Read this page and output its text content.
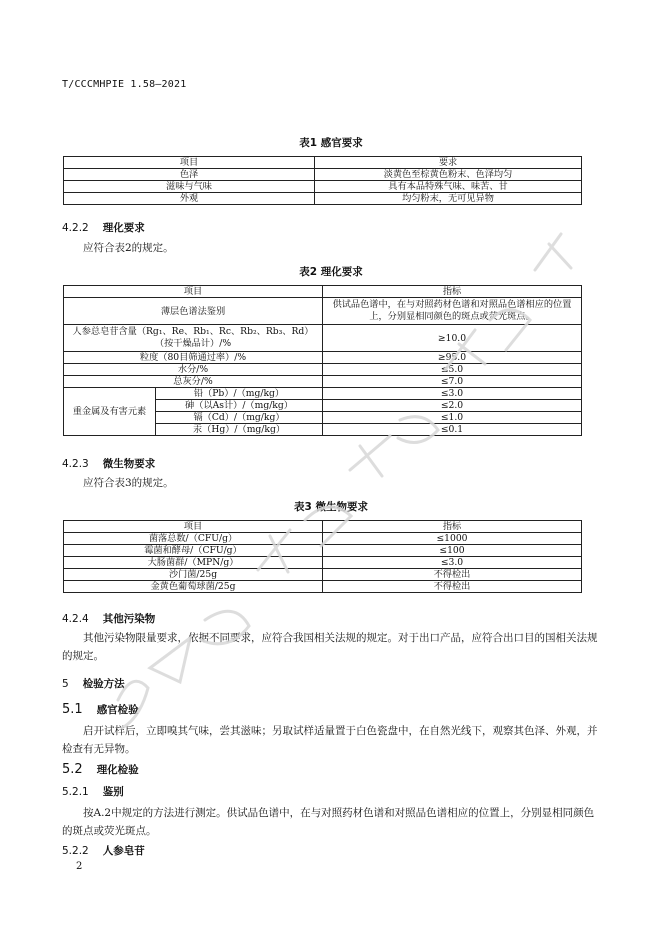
T/CCCMHPIE 1.58—2021
表1 感官要求
项目	要求
色泽	淡黄色至棕黄色粉末、色泽均匀
滋味与气味	具有本品特殊气味、味苦、甘
外观	均匀粉末，无可见异物
4.2.2 理化要求
应符合表2的规定。
表2 理化要求
项目		指标
薄层色谱法鉴别		供试品色谱中，在与对照药材色谱和对照品色谱相应的位置上，分别显相同颜色的斑点或荧光斑点。
人参总皂苷含量（Rg₁、Re、Rb₁、Rc、Rb₂、Rb₃、Rd）（按干燥品计）/%		≥10.0
粒度（80目筛通过率）/%		≥95.0
水分/%		≤5.0
总灰分/%		≤7.0
重金属及有害元素	铅（Pb）/（mg/kg）	≤3.0
	砷（以As计）/（mg/kg）	≤2.0
	镉（Cd）/（mg/kg）	≤1.0
	汞（Hg）/（mg/kg）	≤0.1
4.2.3 微生物要求
应符合表3的规定。
表3 微生物要求
项目	指标
菌落总数/（CFU/g）	≤1000
霉菌和酵母/（CFU/g）	≤100
大肠菌群/（MPN/g）	≤3.0
沙门菌/25g	不得检出
金黄色葡萄球菌/25g	不得检出
4.2.4 其他污染物
其他污染物限量要求，依据不同要求，应符合我国相关法规的规定。对于出口产品，应符合出口目的国相关法规的规定。
5 检验方法
5.1 感官检验
启开试样后，立即嗅其气味，尝其滋味；另取试样适量置于白色瓷盘中，在自然光线下，观察其色泽、外观，并检查有无异物。
5.2 理化检验
5.2.1 鉴别
按A.2中规定的方法进行测定。供试品色谱中，在与对照药材色谱和对照品色谱相应的位置上，分别显相同颜色的斑点或荧光斑点。
5.2.2 人参皂苷
2
